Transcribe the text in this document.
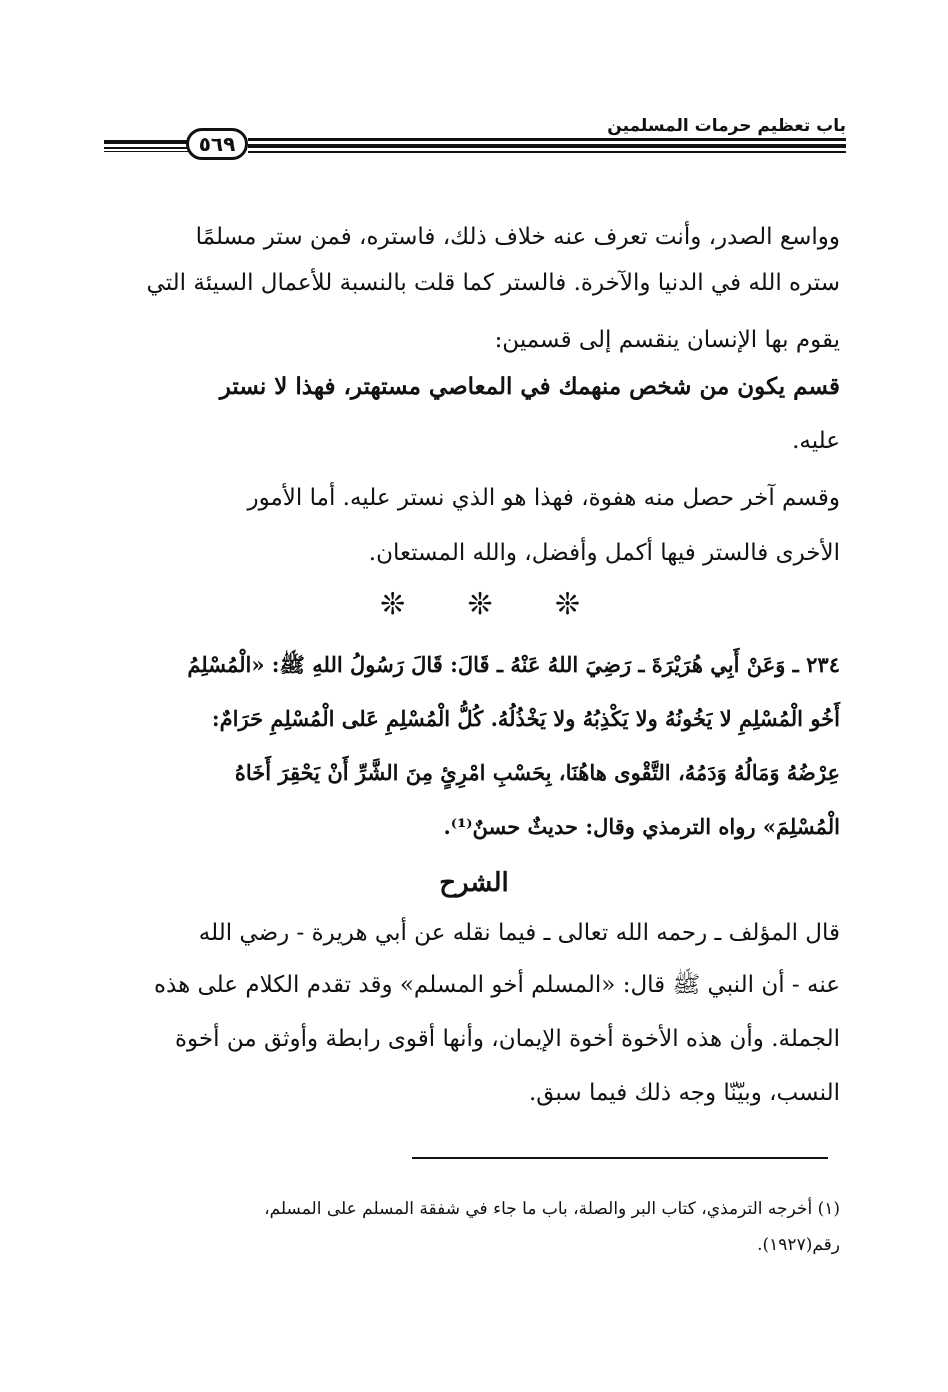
باب تعظيم حرمات المسلمين
٥٦٩
وواسع الصدر، وأنت تعرف عنه خلاف ذلك، فاستره، فمن ستر مسلمًا
ستره الله في الدنيا والآخرة. فالستر كما قلت بالنسبة للأعمال السيئة التي
يقوم بها الإنسان ينقسم إلى قسمين:
قسم يكون من شخص منهمك في المعاصي مستهتر، فهذا لا نستر
عليه.
وقسم آخر حصل منه هفوة، فهذا هو الذي نستر عليه. أما الأمور
الأخرى فالستر فيها أكمل وأفضل، والله المستعان.
❊ ❊ ❊
٢٣٤ ـ وَعَنْ أَبِي هُرَيْرَةَ ـ رَضِيَ اللهُ عَنْهُ ـ قَالَ: قَالَ رَسُولُ اللهِ ﷺ: «الْمُسْلِمُ
أَخُو الْمُسْلِمِ لا يَخُونُهُ ولا يَكْذِبُهُ ولا يَخْذُلُهُ. كُلُّ الْمُسْلِمِ عَلى الْمُسْلِمِ حَرَامٌ:
عِرْضُهُ وَمَالُهُ وَدَمُهُ، التَّقْوى هاهُنَا، بِحَسْبِ امْرِئٍ مِنَ الشَّرِّ أَنْ يَحْقِرَ أَخَاهُ
الْمُسْلِمَ» رواه الترمذي وقال: حديثٌ حسنٌ⁽¹⁾.
الشرح
قال المؤلف ـ رحمه الله تعالى ـ فيما نقله عن أبي هريرة - رضي الله
عنه - أن النبي ﷺ قال: «المسلم أخو المسلم» وقد تقدم الكلام على هذه
الجملة. وأن هذه الأخوة أخوة الإيمان، وأنها أقوى رابطة وأوثق من أخوة
النسب، وبيّنّا وجه ذلك فيما سبق.
(١) أخرجه الترمذي، كتاب البر والصلة، باب ما جاء في شفقة المسلم على المسلم،
رقم(١٩٢٧).
